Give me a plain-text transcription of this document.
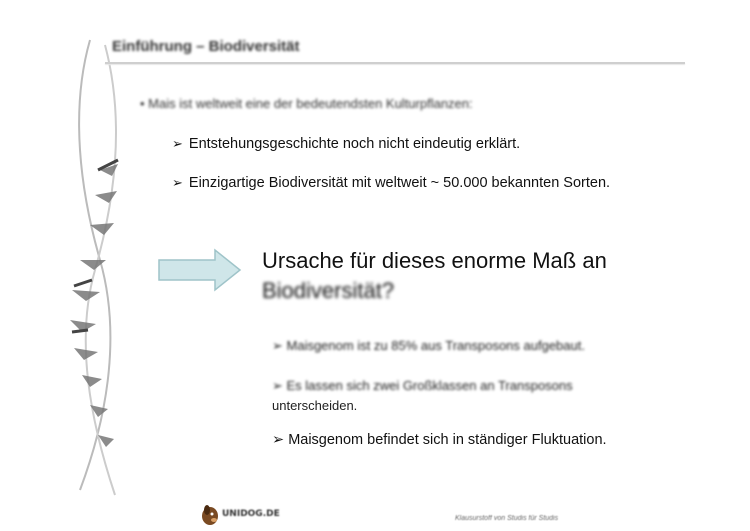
Einführung – Biodiversität
• Mais ist weltweit eine der bedeutendsten Kulturpflanzen:
➢ Entstehungsgeschichte noch nicht eindeutig erklärt.
➢ Einzigartige Biodiversität mit weltweit ~ 50.000 bekannten Sorten.
Ursache für dieses enorme Maß an
Biodiversität?
➢ Maisgenom ist zu 85% aus Transposons aufgebaut.
➢ Es lassen sich zwei Großklassen an Transposons
unterscheiden.
➢ Maisgenom befindet sich in ständiger Fluktuation.
UNIDOG.DE	Klausurstoff von Studis für Studis
